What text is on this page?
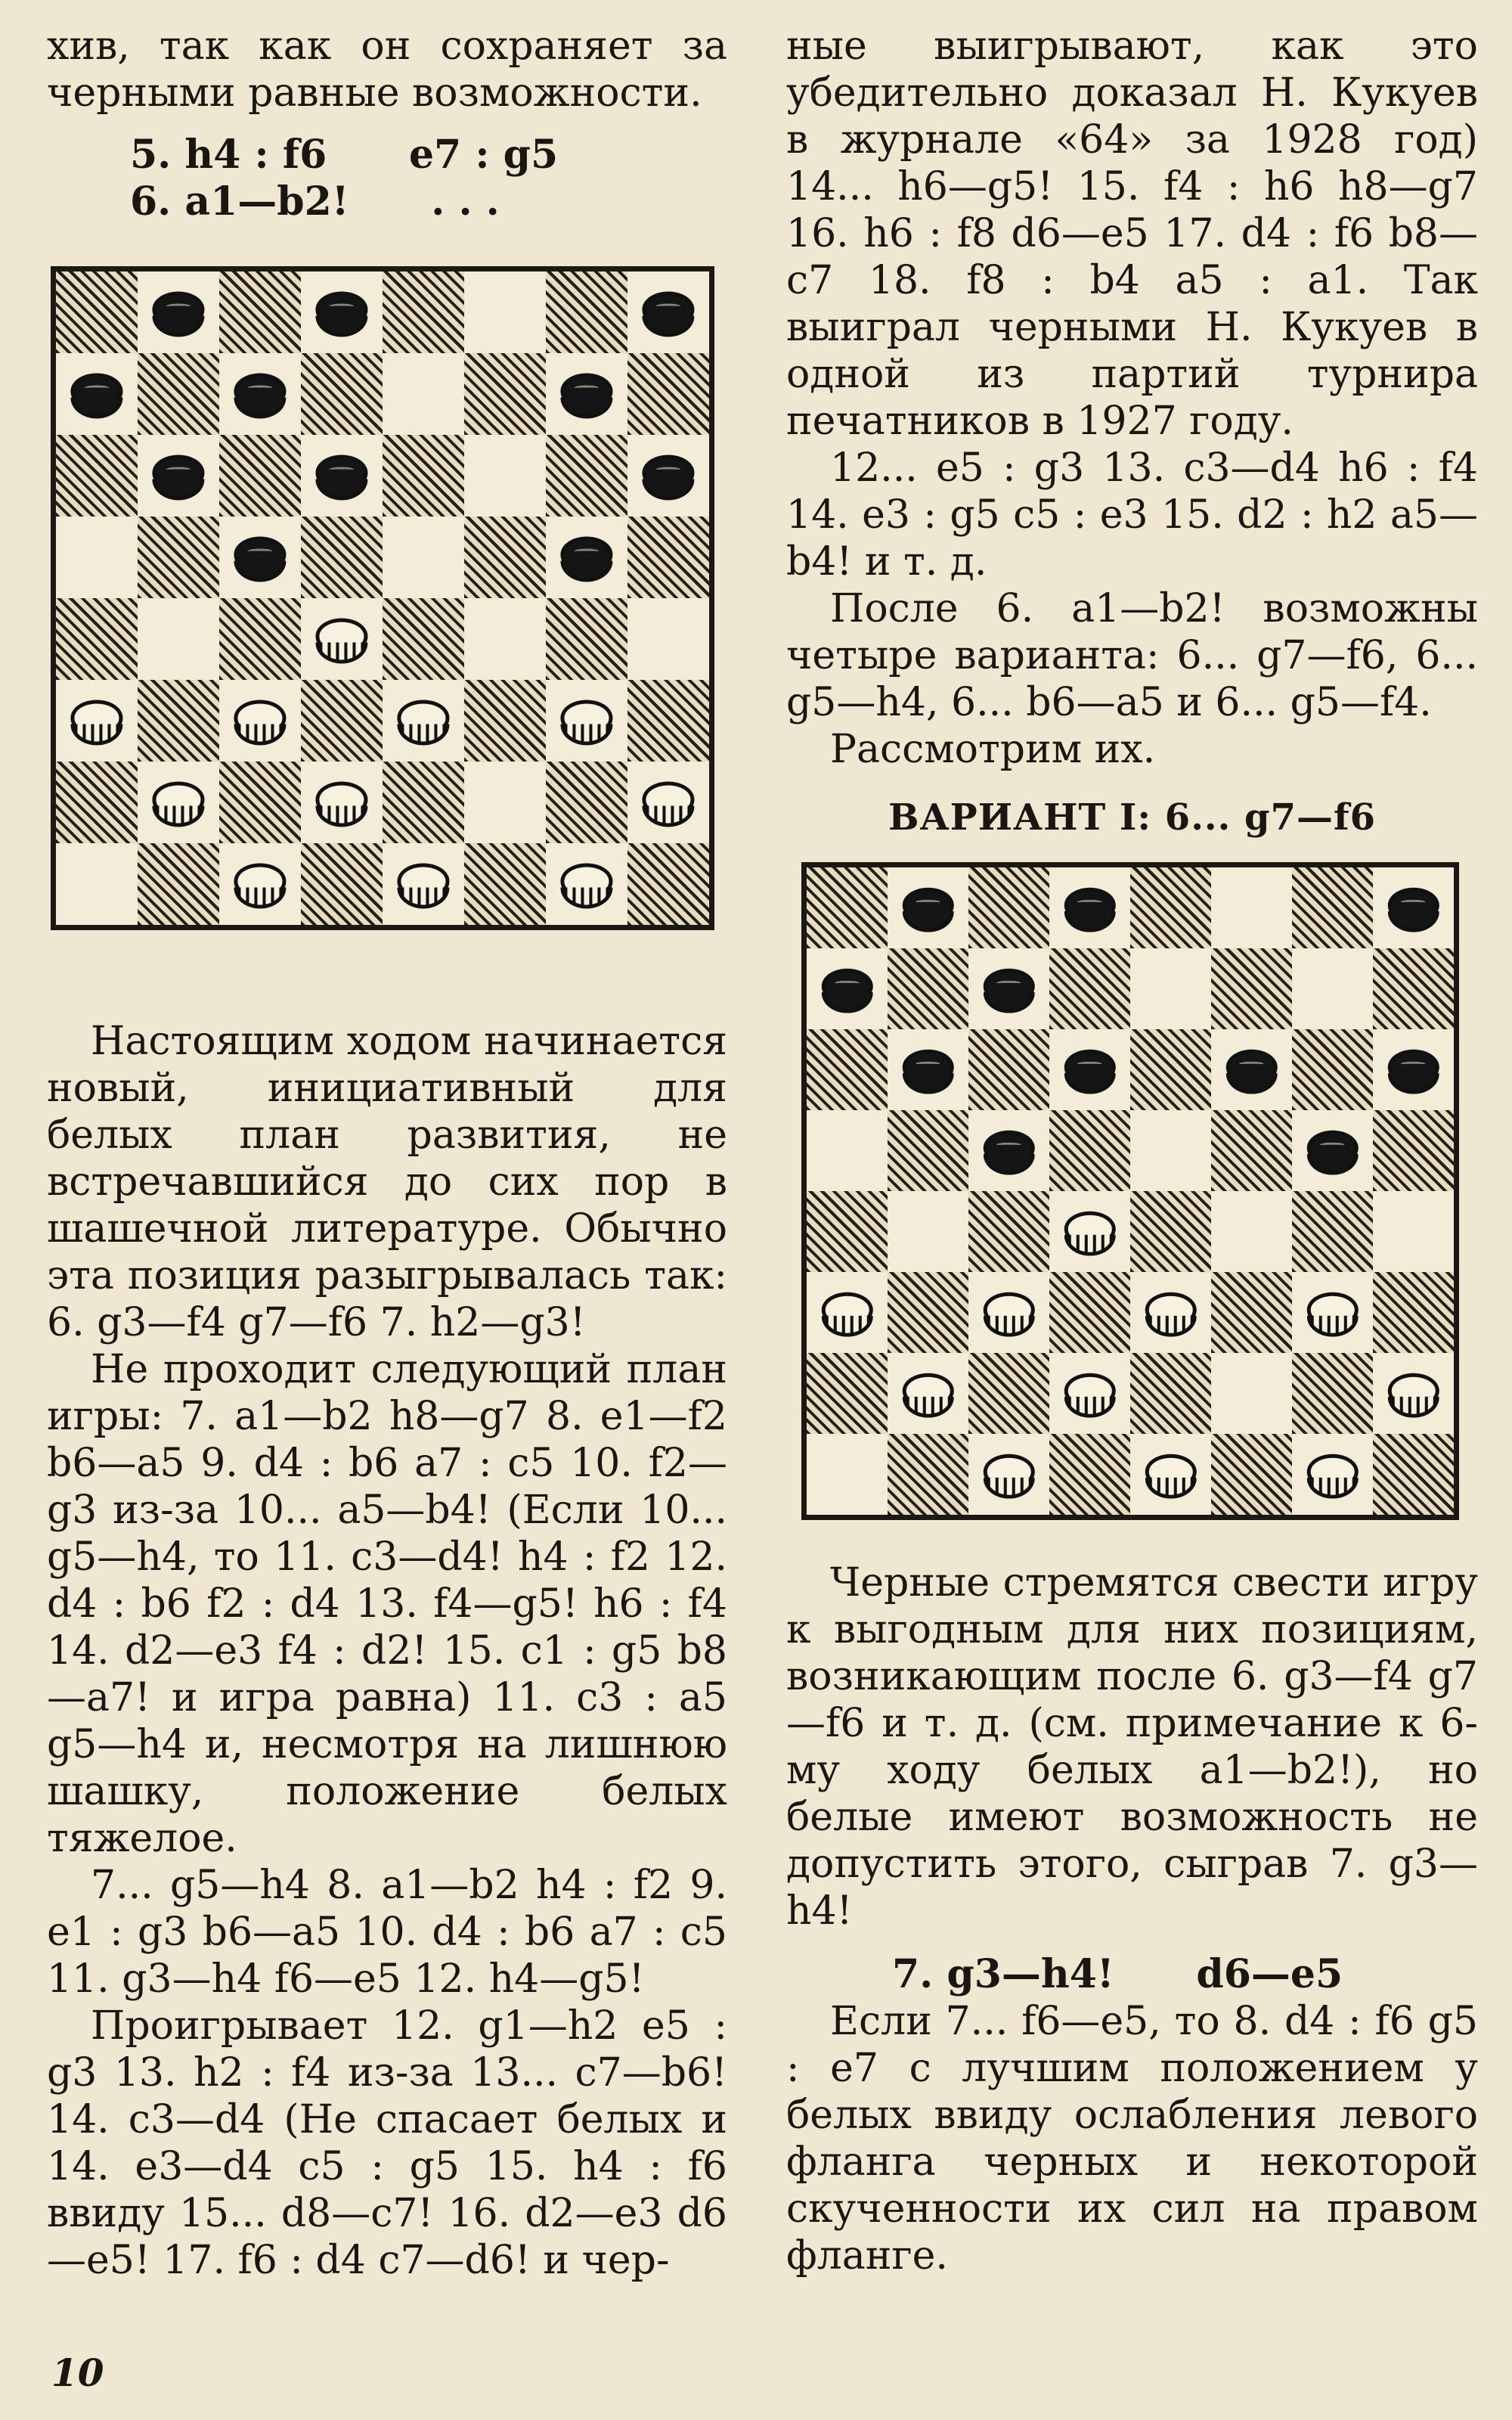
хив, так как он сохраняет за черными равные возможности.

5. h4 : f6      e7 : g5

6. a1—b2!      . . .

Настоящим ходом начинается новый, инициативный для белых план развития, не встречавшийся до сих пор в шашечной литературе. Обычно эта позиция разыгрывалась так: 6. g3—f4 g7—f6 7. h2—g3!

Не проходит следующий план игры: 7. a1—b2 h8—g7 8. e1—f2 b6—a5 9. d4 : b6 a7 : c5 10. f2—g3 из-за 10... a5—b4! (Если 10... g5—h4, то 11. c3—d4! h4 : f2 12. d4 : b6 f2 : d4 13. f4—g5! h6 : f4 14. d2—e3 f4 : d2! 15. c1 : g5 b8—a7! и игра равна) 11. c3 : a5 g5—h4 и, несмотря на лишнюю шашку, положение белых тяжелое.

7... g5—h4 8. a1—b2 h4 : f2 9. e1 : g3 b6—a5 10. d4 : b6 a7 : c5 11. g3—h4 f6—e5 12. h4—g5!

Проигрывает 12. g1—h2 e5 : g3 13. h2 : f4 из-за 13... c7—b6! 14. c3—d4 (Не спасает белых и 14. e3—d4 c5 : g5 15. h4 : f6 ввиду 15... d8—c7! 16. d2—e3 d6—e5! 17. f6 : d4 c7—d6! и чер-

ные выигрывают, как это убедительно доказал Н. Кукуев в журнале «64» за 1928 год) 14... h6—g5! 15. f4 : h6 h8—g7 16. h6 : f8 d6—e5 17. d4 : f6 b8—c7 18. f8 : b4 a5 : a1. Так выиграл черными Н. Кукуев в одной из партий турнира печатников в 1927 году.

12... e5 : g3 13. c3—d4 h6 : f4 14. e3 : g5 c5 : e3 15. d2 : h2 a5—b4! и т. д.

После 6. a1—b2! возможны четыре варианта: 6... g7—f6, 6... g5—h4, 6... b6—a5 и 6... g5—f4.

Рассмотрим их.

ВАРИАНТ I: 6... g7—f6

Черные стремятся свести игру к выгодным для них позициям, возникающим после 6. g3—f4 g7—f6 и т. д. (см. примечание к 6-му ходу белых a1—b2!), но белые имеют возможность не допустить этого, сыграв 7. g3—h4!

7. g3—h4!      d6—e5

Если 7... f6—e5, то 8. d4 : f6 g5 : e7 с лучшим положением у белых ввиду ослабления левого фланга черных и некоторой скученности их сил на правом фланге.

10
